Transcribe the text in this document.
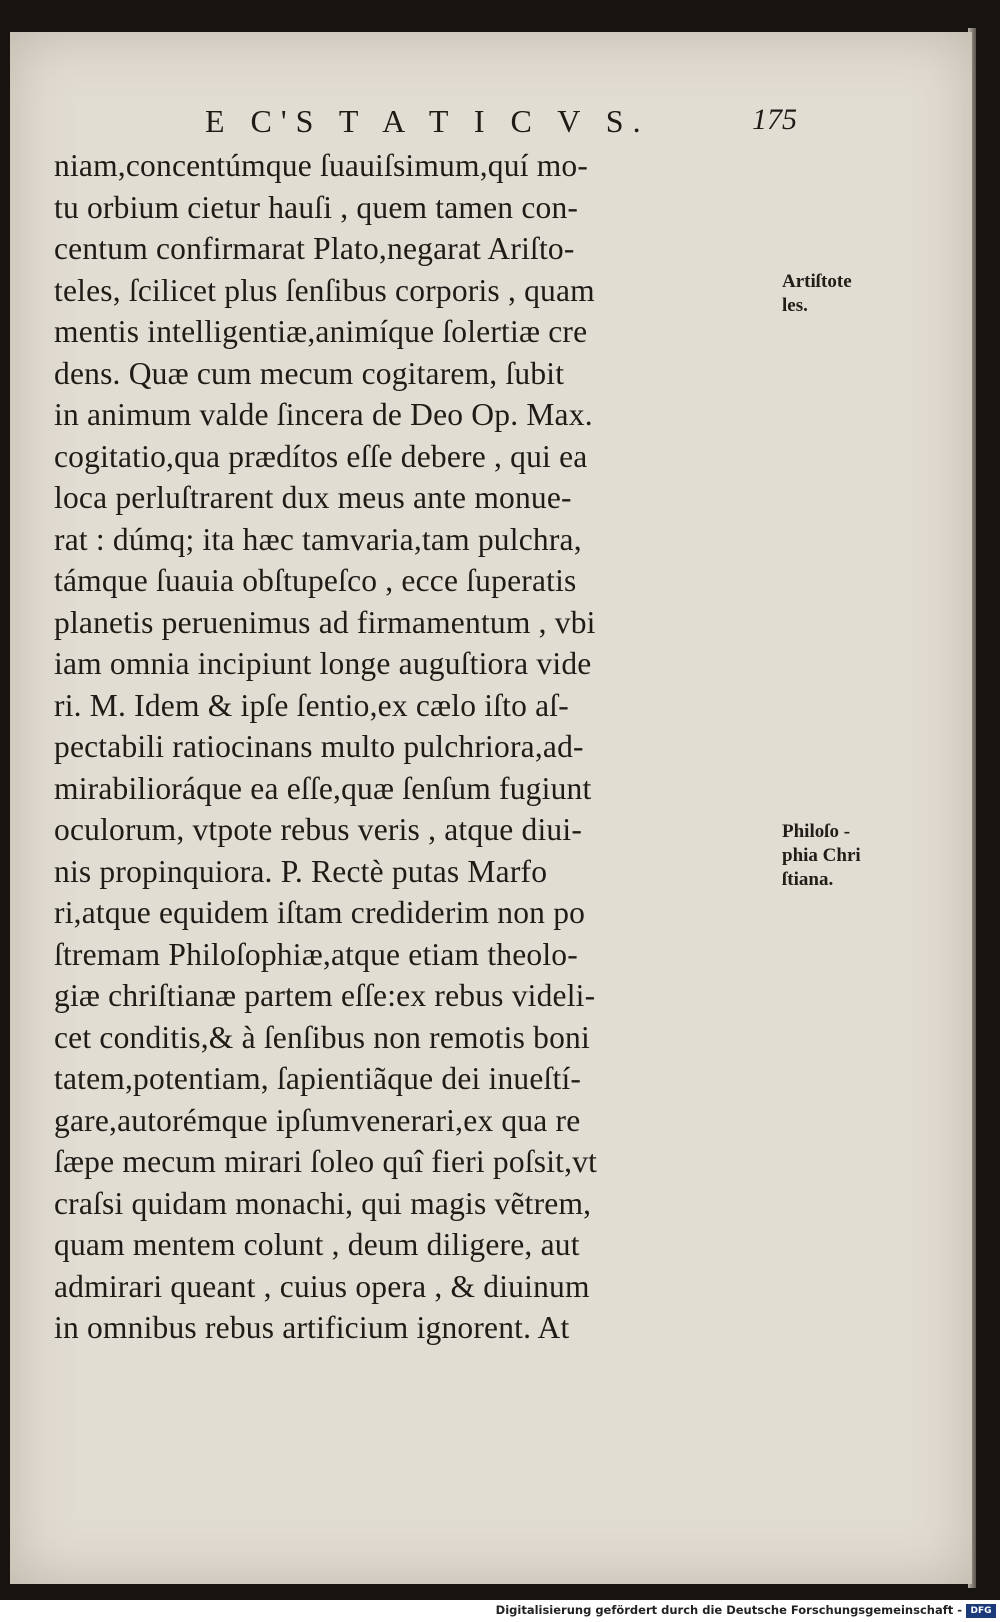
E C'S T A T I C V S.	175
niam,concentúmque ſuauiſsimum,quí mo-
tu orbium cietur hauſi , quem tamen con-
centum confirmarat Plato,negarat Ariſto-
teles, ſcilicet plus ſenſibus corporis , quam
mentis intelligentiæ,animíque ſolertiæ cre
dens. Quæ cum mecum cogitarem, ſubit
in animum valde ſincera de Deo Op. Max.
cogitatio,qua prædítos eſſe debere , qui ea
loca perluſtrarent dux meus ante monue-
rat : dúmq; ita hæc tamvaria,tam pulchra,
támque ſuauia obſtupeſco , ecce ſuperatis
planetis peruenimus ad firmamentum , vbi
iam omnia incipiunt longe auguſtiora vide
ri. M. Idem & ipſe ſentio,ex cælo iſto aſ-
pectabili ratiocinans multo pulchriora,ad-
mirabilioráque ea eſſe,quæ ſenſum fugiunt
oculorum, vtpote rebus veris , atque diui-
nis propinquiora. P. Rectè putas Marfo
ri,atque equidem iſtam crediderim non po
ſtremam Philoſophiæ,atque etiam theolo-
giæ chriſtianæ partem eſſe:ex rebus videli-
cet conditis,& à ſenſibus non remotis boni
tatem,potentiam, ſapientiãque dei inueſtí-
gare,autorémque ipſumvenerari,ex qua re
ſæpe mecum mirari ſoleo quî fieri poſsit,vt
craſsi quidam monachi, qui magis vẽtrem,
quam mentem colunt , deum diligere, aut
admirari queant , cuius opera , & diuinum
in omnibus rebus artificium ignorent. At
Artiſtote
les.
Philoſo -
phia Chri
ſtiana.
Digitalisierung gefördert durch die Deutsche Forschungsgemeinschaft - DFG
